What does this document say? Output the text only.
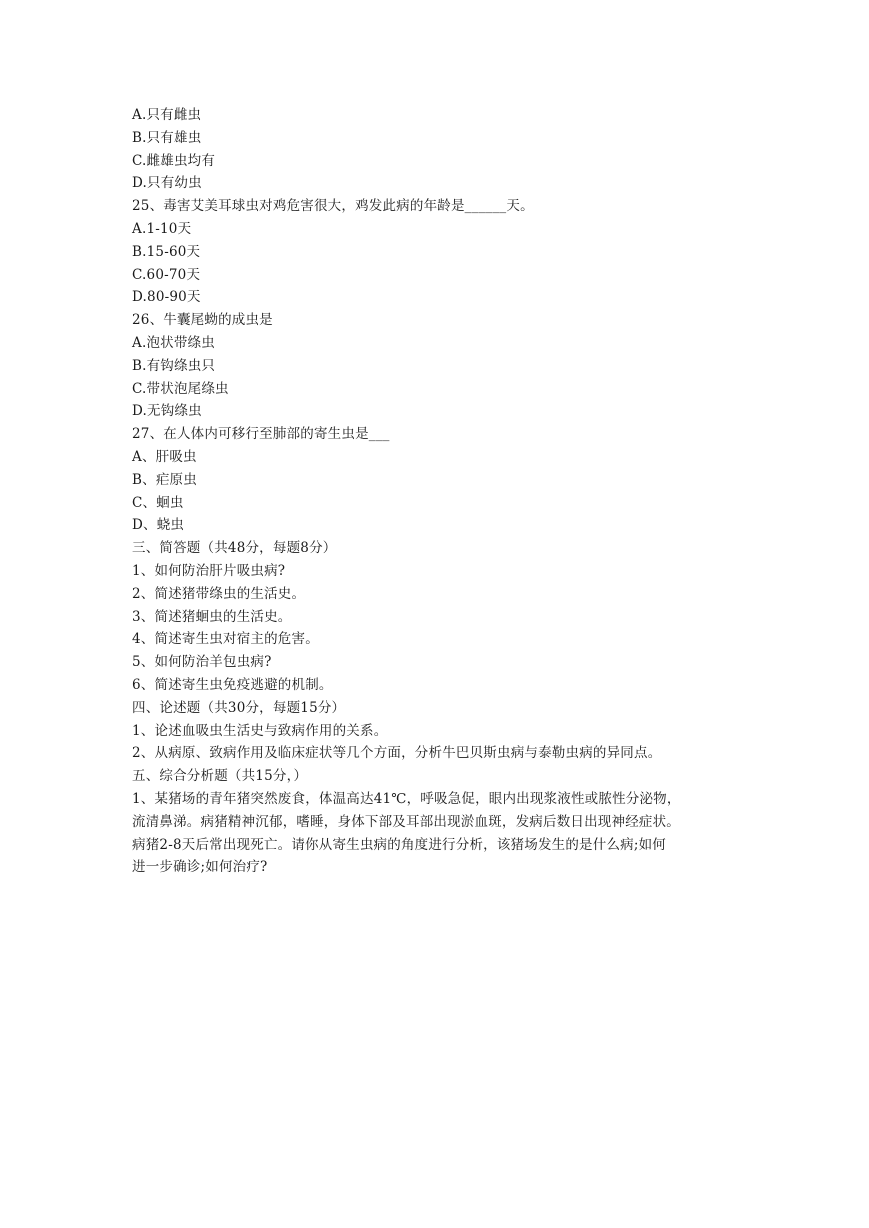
A.只有雌虫
B.只有雄虫
C.雌雄虫均有
D.只有幼虫
25、毒害艾美耳球虫对鸡危害很大，鸡发此病的年龄是______天。
A.1-10天
B.15-60天
C.60-70天
D.80-90天
26、牛囊尾蚴的成虫是
A.泡状带绦虫
B.有钩绦虫只
C.带状泡尾绦虫
D.无钩绦虫
27、在人体内可移行至肺部的寄生虫是___
A、肝吸虫
B、疟原虫
C、蛔虫
D、蛲虫
三、简答题（共48分，每题8分）
1、如何防治肝片吸虫病?
2、简述猪带绦虫的生活史。
3、简述猪蛔虫的生活史。
4、简述寄生虫对宿主的危害。
5、如何防治羊包虫病?
6、简述寄生虫免疫逃避的机制。
四、论述题（共30分，每题15分）
1、论述血吸虫生活史与致病作用的关系。
2、从病原、致病作用及临床症状等几个方面，分析牛巴贝斯虫病与泰勒虫病的异同点。
五、综合分析题（共15分，）
1、某猪场的青年猪突然废食，体温高达41℃，呼吸急促，眼内出现浆液性或脓性分泌物，
流清鼻涕。病猪精神沉郁，嗜睡，身体下部及耳部出现淤血斑，发病后数日出现神经症状。
病猪2-8天后常出现死亡。请你从寄生虫病的角度进行分析，该猪场发生的是什么病;如何
进一步确诊;如何治疗?
